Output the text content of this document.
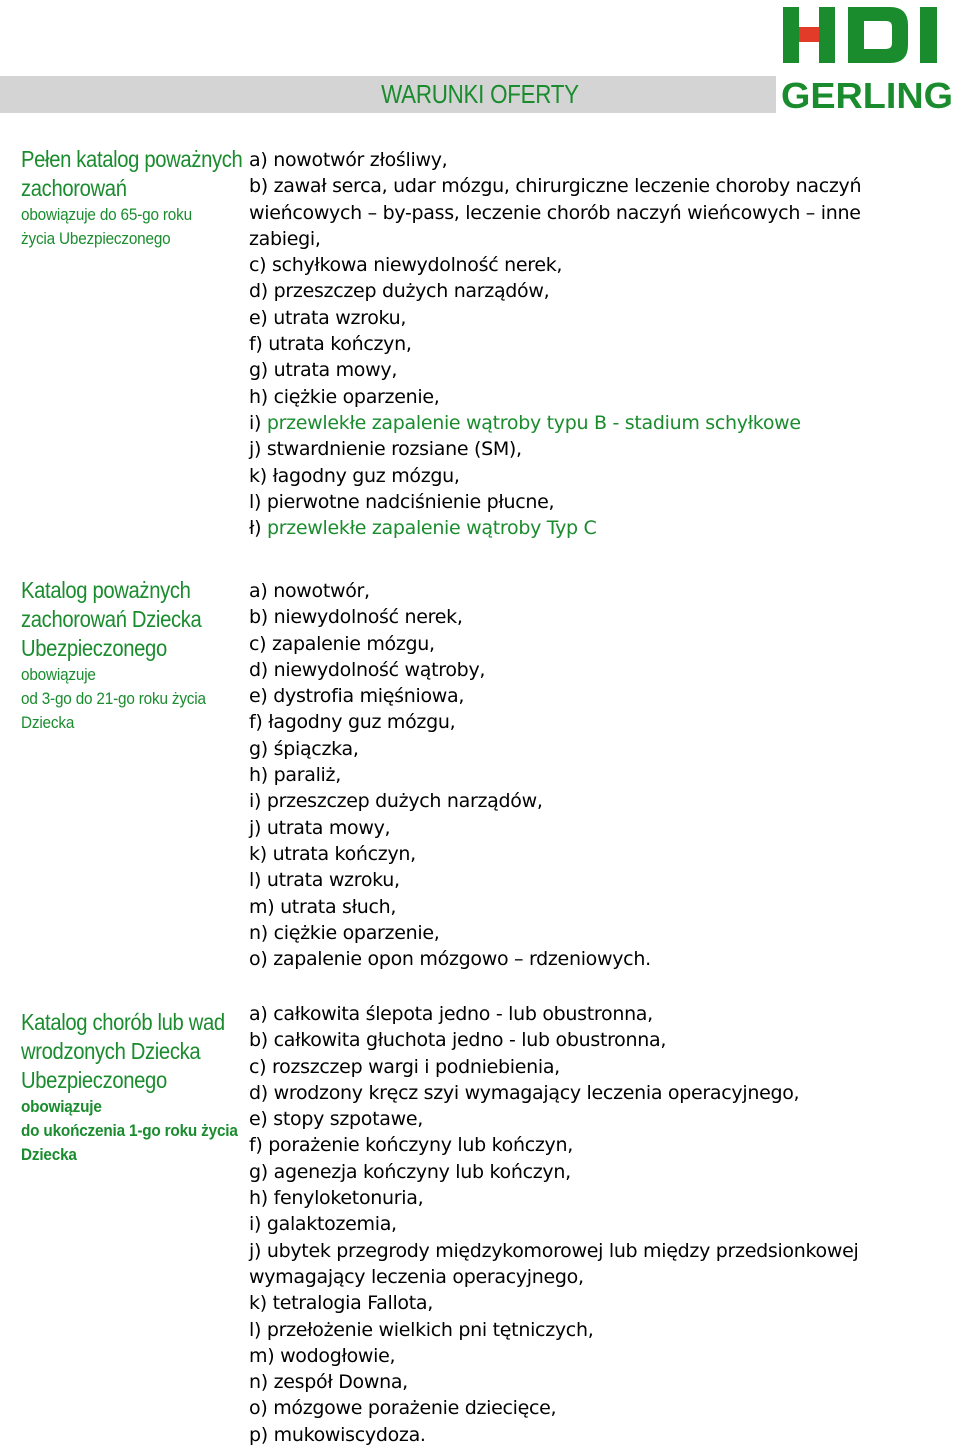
WARUNKI OFERTY	GERLING
Pełen katalog poważnych
zachorowań
obowiązuje do 65-go roku
życia Ubezpieczonego
a) nowotwór złośliwy,
b) zawał serca, udar mózgu, chirurgiczne leczenie choroby naczyń wieńcowych – by-pass, leczenie chorób naczyń wieńcowych – inne zabiegi,
c) schyłkowa niewydolność nerek,
d) przeszczep dużych narządów,
e) utrata wzroku,
f) utrata kończyn,
g) utrata mowy,
h) ciężkie oparzenie,
i) przewlekłe zapalenie wątroby typu B - stadium schyłkowe
j) stwardnienie rozsiane (SM),
k) łagodny guz mózgu,
l) pierwotne nadciśnienie płucne,
ł) przewlekłe zapalenie wątroby Typ C
Katalog poważnych
zachorowań Dziecka
Ubezpieczonego
obowiązuje
od 3-go do 21-go roku życia
Dziecka
a) nowotwór,
b) niewydolność nerek,
c) zapalenie mózgu,
d) niewydolność wątroby,
e) dystrofia mięśniowa,
f) łagodny guz mózgu,
g) śpiączka,
h) paraliż,
i) przeszczep dużych narządów,
j) utrata mowy,
k) utrata kończyn,
l) utrata wzroku,
m) utrata słuch,
n) ciężkie oparzenie,
o) zapalenie opon mózgowo – rdzeniowych.
Katalog chorób lub wad
wrodzonych Dziecka
Ubezpieczonego
obowiązuje
do ukończenia 1-go roku życia
Dziecka
a) całkowita ślepota jedno - lub obustronna,
b) całkowita głuchota jedno - lub obustronna,
c) rozszczep wargi i podniebienia,
d) wrodzony kręcz szyi wymagający leczenia operacyjnego,
e) stopy szpotawe,
f) porażenie kończyny lub kończyn,
g) agenezja kończyny lub kończyn,
h) fenyloketonuria,
i) galaktozemia,
j) ubytek przegrody międzykomorowej lub między przedsionkowej wymagający leczenia operacyjnego,
k) tetralogia Fallota,
l) przełożenie wielkich pni tętniczych,
m) wodogłowie,
n) zespół Downa,
o) mózgowe porażenie dziecięce,
p) mukowiscydoza.
